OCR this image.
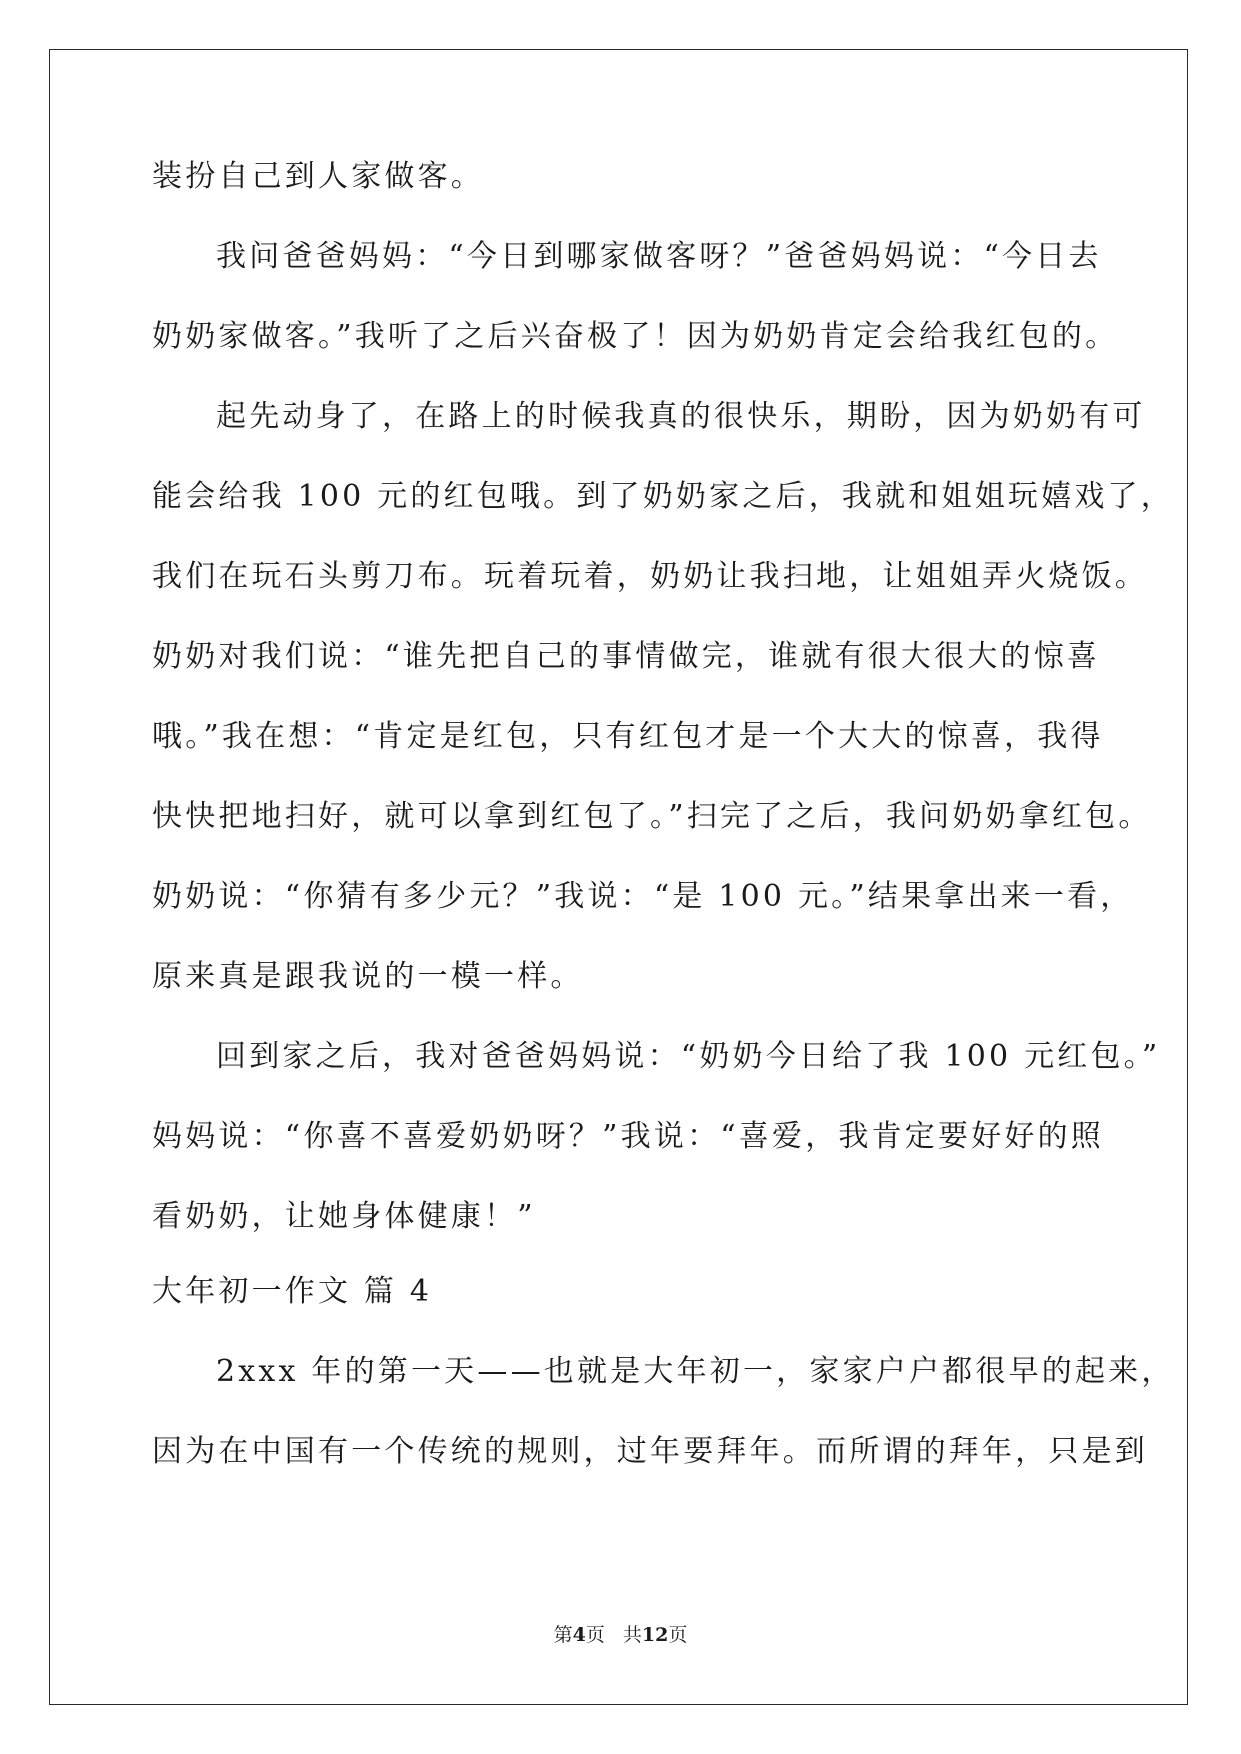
装扮自己到人家做客。
我问爸爸妈妈：“今日到哪家做客呀？”爸爸妈妈说：“今日去
奶奶家做客。”我听了之后兴奋极了！因为奶奶肯定会给我红包的。
起先动身了，在路上的时候我真的很快乐，期盼，因为奶奶有可
能会给我 100 元的红包哦。到了奶奶家之后，我就和姐姐玩嬉戏了，
我们在玩石头剪刀布。玩着玩着，奶奶让我扫地，让姐姐弄火烧饭。
奶奶对我们说：“谁先把自己的事情做完，谁就有很大很大的惊喜
哦。”我在想：“肯定是红包，只有红包才是一个大大的惊喜，我得
快快把地扫好，就可以拿到红包了。”扫完了之后，我问奶奶拿红包。
奶奶说：“你猜有多少元？”我说：“是 100 元。”结果拿出来一看，
原来真是跟我说的一模一样。
回到家之后，我对爸爸妈妈说：“奶奶今日给了我 100 元红包。”
妈妈说：“你喜不喜爱奶奶呀？”我说：“喜爱，我肯定要好好的照
看奶奶，让她身体健康！”
大年初一作文 篇 4
2xxx 年的第一天——也就是大年初一，家家户户都很早的起来，
因为在中国有一个传统的规则，过年要拜年。而所谓的拜年，只是到
第4页 共12页
